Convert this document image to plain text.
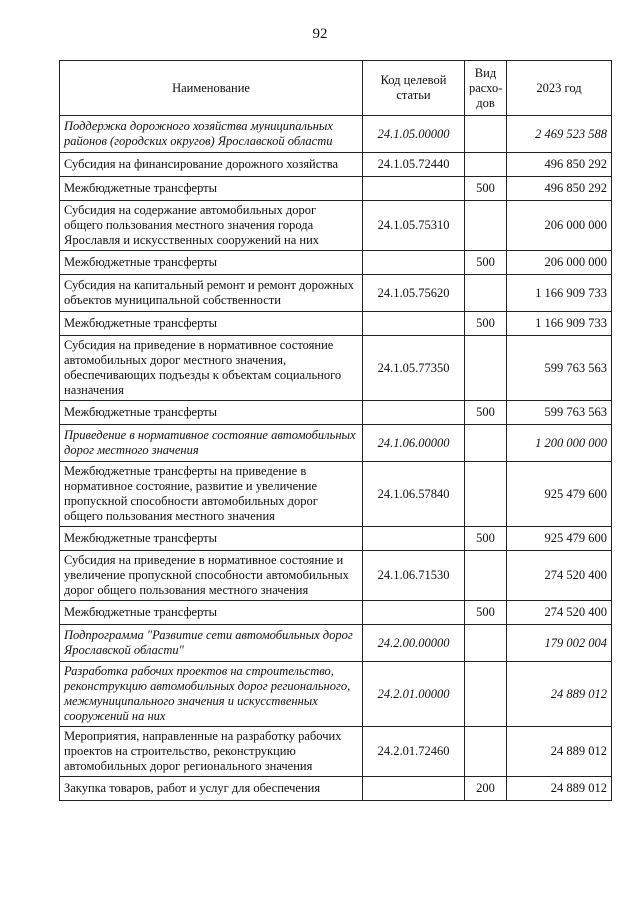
92
Наименование	Код целевой статьи	Вид расхо-дов	2023 год
Поддержка дорожного хозяйства муниципальных районов (городских округов) Ярославской области	24.1.05.00000		2 469 523 588
Субсидия на финансирование дорожного хозяйства	24.1.05.72440		496 850 292
Межбюджетные трансферты		500	496 850 292
Субсидия на содержание автомобильных дорог общего пользования местного значения города Ярославля и искусственных сооружений на них	24.1.05.75310		206 000 000
Межбюджетные трансферты		500	206 000 000
Субсидия на капитальный ремонт и ремонт дорожных объектов муниципальной собственности	24.1.05.75620		1 166 909 733
Межбюджетные трансферты		500	1 166 909 733
Субсидия на приведение в нормативное состояние автомобильных дорог местного значения, обеспечивающих подъезды к объектам социального назначения	24.1.05.77350		599 763 563
Межбюджетные трансферты		500	599 763 563
Приведение в нормативное состояние автомобильных дорог местного значения	24.1.06.00000		1 200 000 000
Межбюджетные трансферты на приведение в нормативное состояние, развитие и увеличение пропускной способности автомобильных дорог общего пользования местного значения	24.1.06.57840		925 479 600
Межбюджетные трансферты		500	925 479 600
Субсидия на приведение в нормативное состояние и увеличение пропускной способности автомобильных дорог общего пользования местного значения	24.1.06.71530		274 520 400
Межбюджетные трансферты		500	274 520 400
Подпрограмма "Развитие сети автомобильных дорог Ярославской области"	24.2.00.00000		179 002 004
Разработка рабочих проектов на строительство, реконструкцию автомобильных дорог регионального, межмуниципального значения и искусственных сооружений на них	24.2.01.00000		24 889 012
Мероприятия, направленные на разработку рабочих проектов на строительство, реконструкцию автомобильных дорог регионального значения	24.2.01.72460		24 889 012
Закупка товаров, работ и услуг для обеспечения		200	24 889 012
